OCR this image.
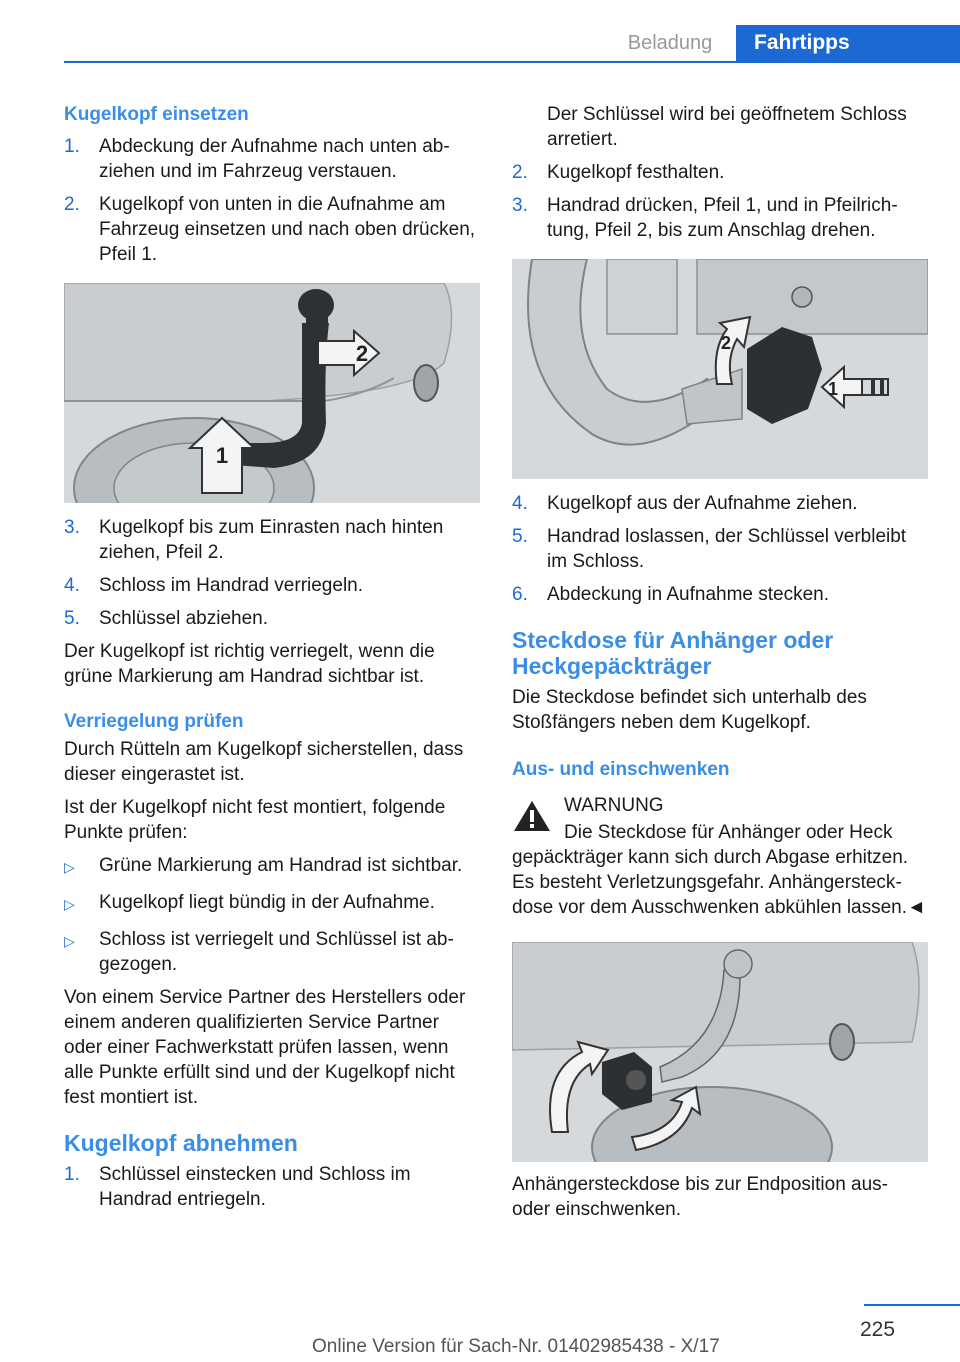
Beladung	Fahrtipps
Kugelkopf einsetzen
1.	Abdeckung der Aufnahme nach unten abziehen und im Fahrzeug verstauen.
2.	Kugelkopf von unten in die Aufnahme am Fahrzeug einsetzen und nach oben drücken, Pfeil 1.
1
2
3.	Kugelkopf bis zum Einrasten nach hinten ziehen, Pfeil 2.
4.	Schloss im Handrad verriegeln.
5.	Schlüssel abziehen.
Der Kugelkopf ist richtig verriegelt, wenn die grüne Markierung am Handrad sichtbar ist.
Verriegelung prüfen
Durch Rütteln am Kugelkopf sicherstellen, dass dieser eingerastet ist.
Ist der Kugelkopf nicht fest montiert, folgende Punkte prüfen:
▷	Grüne Markierung am Handrad ist sichtbar.
▷	Kugelkopf liegt bündig in der Aufnahme.
▷	Schloss ist verriegelt und Schlüssel ist abgezogen.
Von einem Service Partner des Herstellers oder einem anderen qualifizierten Service Partner oder einer Fachwerkstatt prüfen lassen, wenn alle Punkte erfüllt sind und der Kugelkopf nicht fest montiert ist.
Kugelkopf abnehmen
1.	Schlüssel einstecken und Schloss im Handrad entriegeln.
Der Schlüssel wird bei geöffnetem Schloss arretiert.
2.	Kugelkopf festhalten.
3.	Handrad drücken, Pfeil 1, und in Pfeilrichtung, Pfeil 2, bis zum Anschlag drehen.
1
2
4.	Kugelkopf aus der Aufnahme ziehen.
5.	Handrad loslassen, der Schlüssel verbleibt im Schloss.
6.	Abdeckung in Aufnahme stecken.
Steckdose für Anhänger oder Heckgepäckträger
Die Steckdose befindet sich unterhalb des Stoßfängers neben dem Kugelkopf.
Aus- und einschwenken
WARNUNG
Die Steckdose für Anhänger oder Heck
gepäckträger kann sich durch Abgase erhitzen. Es besteht Verletzungsgefahr. Anhängersteckdose vor dem Ausschwenken abkühlen lassen.◄
Anhängersteckdose bis zur Endposition aus- oder einschwenken.
225
Online Version für Sach-Nr. 01402985438 - X/17
